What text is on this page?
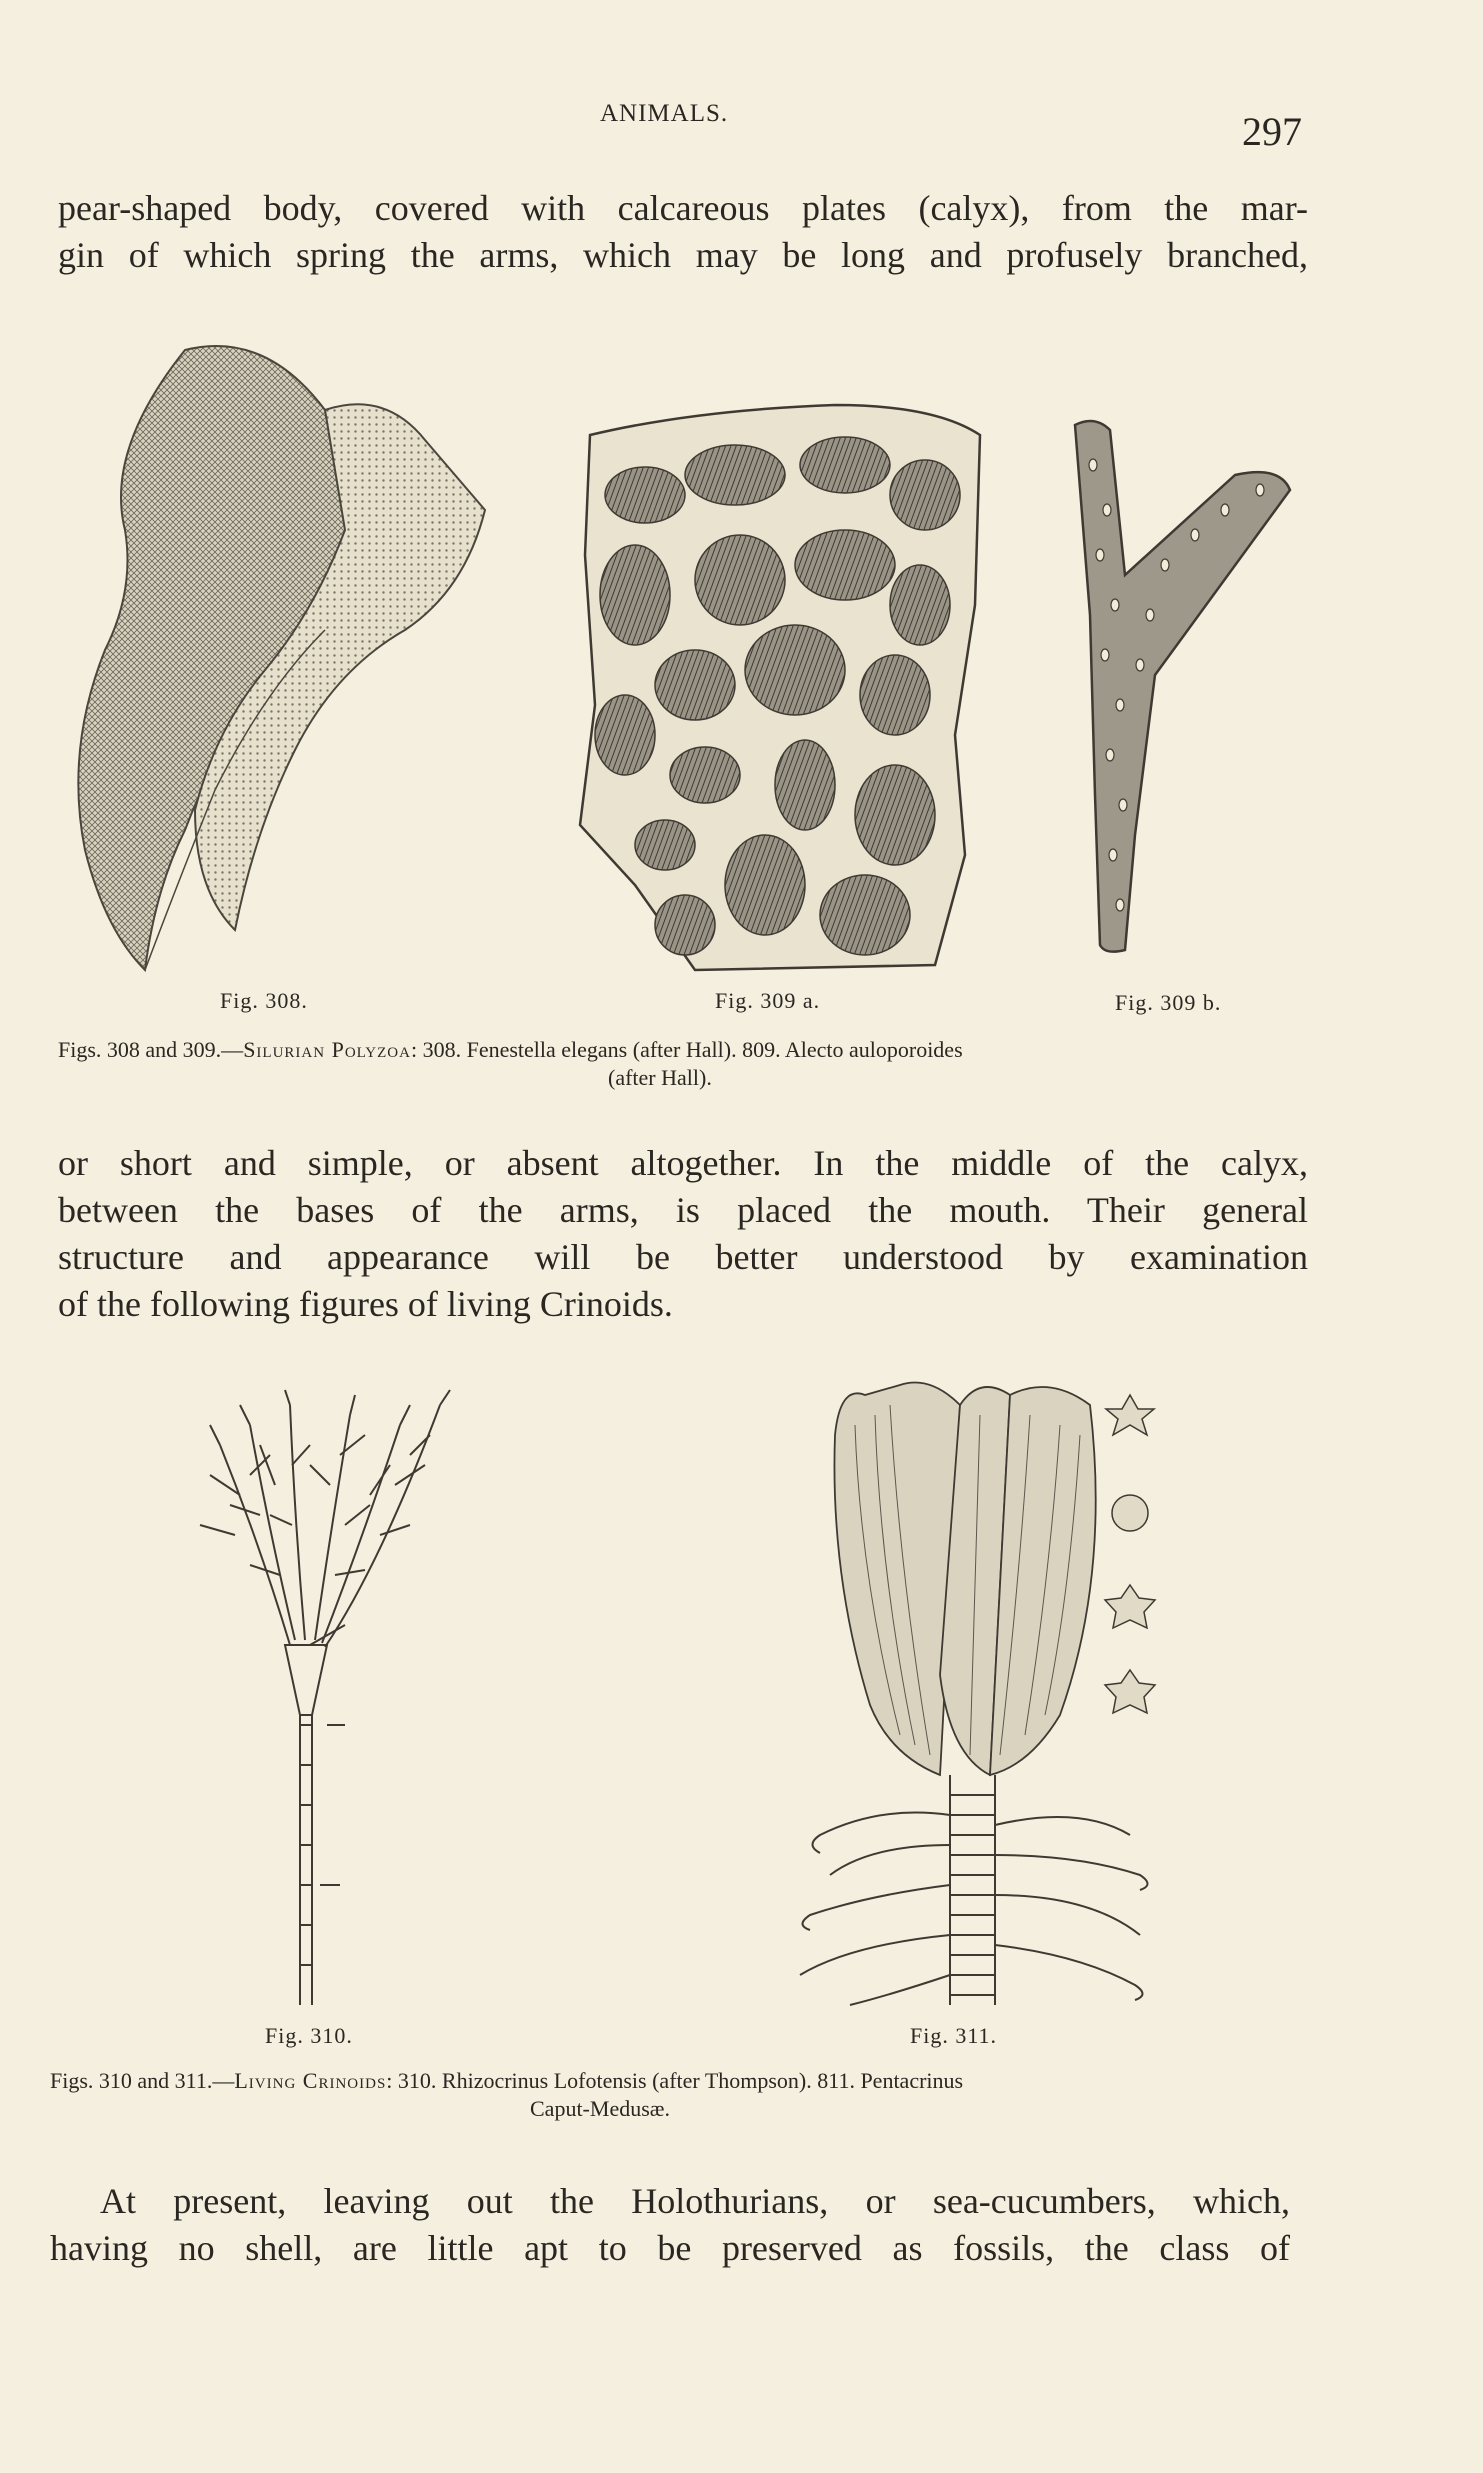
ANIMALS.	297
pear-shaped body, covered with calcareous plates (calyx), from the mar-
gin of which spring the arms, which may be long and profusely branched,
Fig. 308.	Fig. 309 a.	Fig. 309 b.
Figs. 308 and 309.—Silurian Polyzoa: 308. Fenestella elegans (after Hall). 809. Alecto auloporoides
(after Hall).
or short and simple, or absent altogether. In the middle of the calyx,
between the bases of the arms, is placed the mouth. Their general
structure and appearance will be better understood by examination
of the following figures of living Crinoids.
Fig. 310.	Fig. 311.
Figs. 310 and 311.—Living Crinoids: 310. Rhizocrinus Lofotensis (after Thompson). 811. Pentacrinus
Caput-Medusæ.
At present, leaving out the Holothurians, or sea-cucumbers, which,
having no shell, are little apt to be preserved as fossils, the class of
